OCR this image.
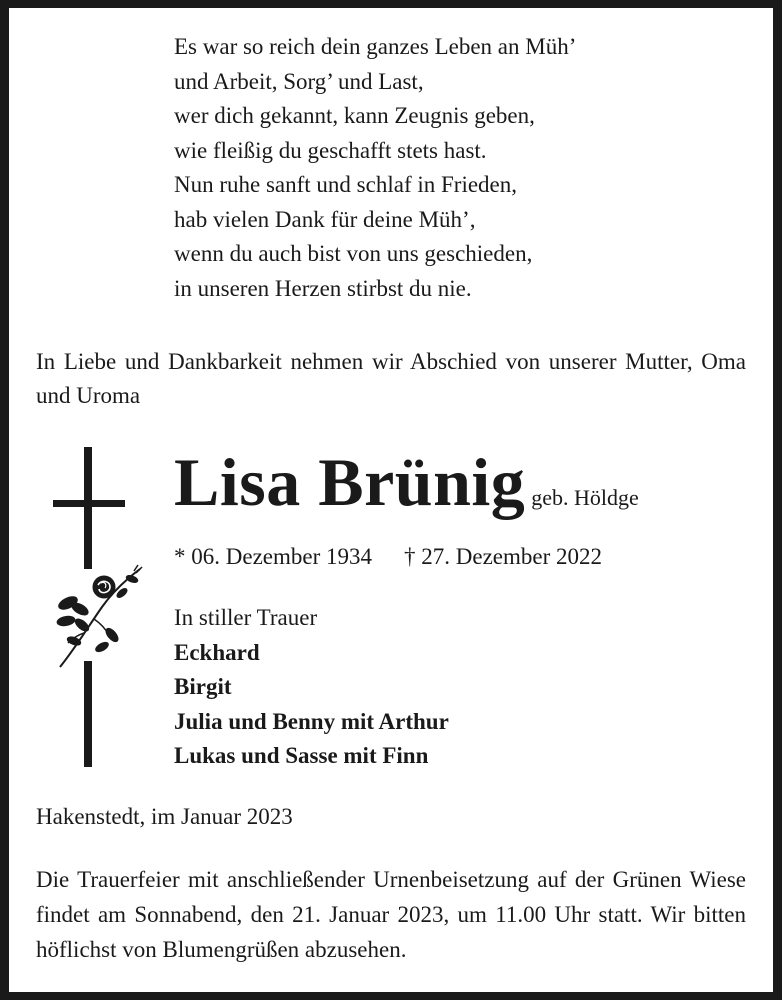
Es war so reich dein ganzes Leben an Müh’
und Arbeit, Sorg’ und Last,
wer dich gekannt, kann Zeugnis geben,
wie fleißig du geschafft stets hast.
Nun ruhe sanft und schlaf in Frieden,
hab vielen Dank für deine Müh’,
wenn du auch bist von uns geschieden,
in unseren Herzen stirbst du nie.
In Liebe und Dankbarkeit nehmen wir Abschied von unserer Mutter, Oma und Uroma
Lisa Brünig geb. Höldge
* 06. Dezember 1934 † 27. Dezember 2022
In stiller Trauer
Eckhard
Birgit
Julia und Benny mit Arthur
Lukas und Sasse mit Finn
Hakenstedt, im Januar 2023
Die Trauerfeier mit anschließender Urnenbeisetzung auf der Grünen Wiese findet am Sonnabend, den 21. Januar 2023, um 11.00 Uhr statt. Wir bitten höflichst von Blumengrüßen abzusehen.
